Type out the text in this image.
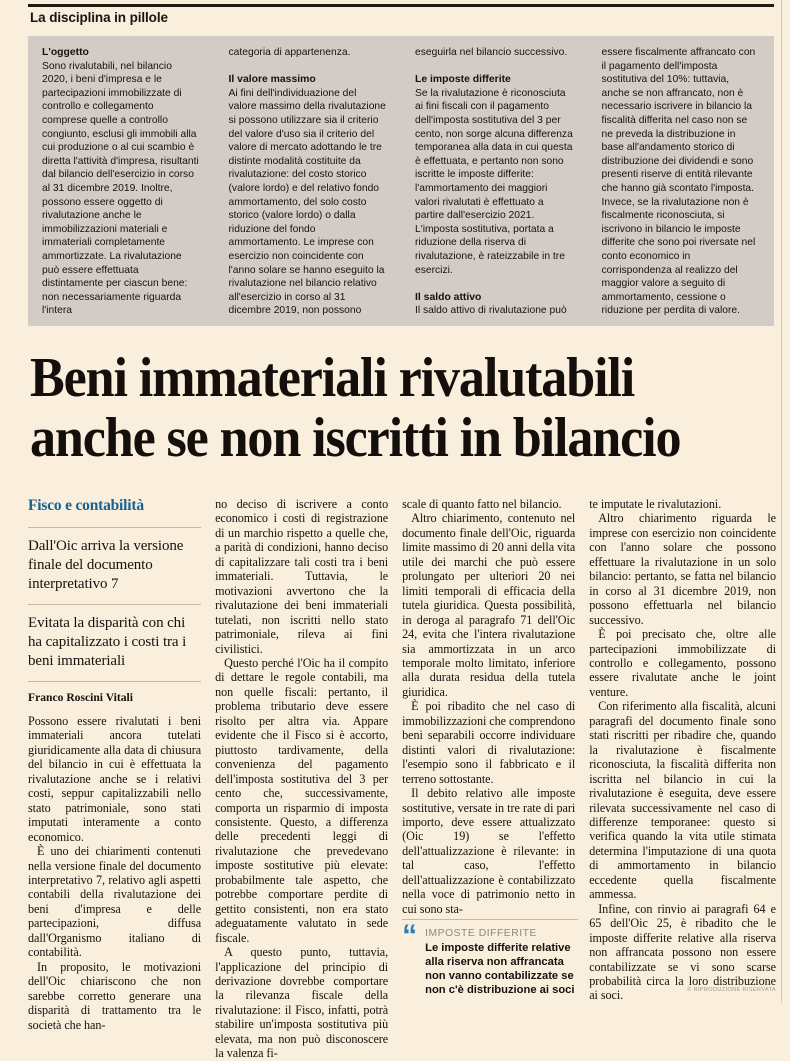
La disciplina in pillole
L'oggetto

Sono rivalutabili, nel bilancio 2020, i beni d'impresa e le partecipazioni immobilizzate di controllo e collegamento comprese quelle a controllo congiunto, esclusi gli immobili alla cui produzione o al cui scambio è diretta l'attività d'impresa, risultanti dal bilancio dell'esercizio in corso al 31 dicembre 2019. Inoltre, possono essere oggetto di rivalutazione anche le immobilizzazioni materiali e immateriali completamente ammortizzate. La rivalutazione può essere effettuata distintamente per ciascun bene: non necessariamente riguarda l'intera

categoria di appartenenza.

Il valore massimo

Ai fini dell'individuazione del valore massimo della rivalutazione si possono utilizzare sia il criterio del valore d'uso sia il criterio del valore di mercato adottando le tre distinte modalità costituite da rivalutazione: del costo storico (valore lordo) e del relativo fondo ammortamento, del solo costo storico (valore lordo) o dalla riduzione del fondo ammortamento. Le imprese con esercizio non coincidente con l'anno solare se hanno eseguito la rivalutazione nel bilancio relativo all'esercizio in corso al 31 dicembre 2019, non possono

eseguirla nel bilancio successivo.

Le imposte differite

Se la rivalutazione è riconosciuta ai fini fiscali con il pagamento dell'imposta sostitutiva del 3 per cento, non sorge alcuna differenza temporanea alla data in cui questa è effettuata, e pertanto non sono iscritte le imposte differite: l'ammortamento dei maggiori valori rivalutati è effettuato a partire dall'esercizio 2021. L'imposta sostitutiva, portata a riduzione della riserva di rivalutazione, è rateizzabile in tre esercizi.

Il saldo attivo

Il saldo attivo di rivalutazione può

essere fiscalmente affrancato con il pagamento dell'imposta sostitutiva del 10%: tuttavia, anche se non affrancato, non è necessario iscrivere in bilancio la fiscalità differita nel caso non se ne preveda la distribuzione in base all'andamento storico di distribuzione dei dividendi e sono presenti riserve di entità rilevante che hanno già scontato l'imposta. Invece, se la rivalutazione non è fiscalmente riconosciuta, si iscrivono in bilancio le imposte differite che sono poi riversate nel conto economico in corrispondenza al realizzo del maggior valore a seguito di ammortamento, cessione o riduzione per perdita di valore.

Beni immateriali rivalutabili
anche se non iscritti in bilancio
Fisco e contabilità
Dall'Oic arriva la versione finale del documento interpretativo 7
Evitata la disparità con chi ha capitalizzato i costi tra i beni immateriali
Franco Roscini Vitali

Possono essere rivalutati i beni immateriali ancora tutelati giuridicamente alla data di chiusura del bilancio in cui è effettuata la rivalutazione anche se i relativi costi, seppur capitalizzabili nello stato patrimoniale, sono stati imputati interamente a conto economico.

È uno dei chiarimenti contenuti nella versione finale del documento interpretativo 7, relativo agli aspetti contabili della rivalutazione dei beni d'impresa e delle partecipazioni, diffusa dall'Organismo italiano di contabilità.

In proposito, le motivazioni dell'Oic chiariscono che non sarebbe corretto generare una disparità di trattamento tra le società che han-

no deciso di iscrivere a conto economico i costi di registrazione di un marchio rispetto a quelle che, a parità di condizioni, hanno deciso di capitalizzare tali costi tra i beni immateriali. Tuttavia, le motivazioni avvertono che la rivalutazione dei beni immateriali tutelati, non iscritti nello stato patrimoniale, rileva ai fini civilistici.

Questo perché l'Oic ha il compito di dettare le regole contabili, ma non quelle fiscali: pertanto, il problema tributario deve essere risolto per altra via. Appare evidente che il Fisco si è accorto, piuttosto tardivamente, della convenienza del pagamento dell'imposta sostitutiva del 3 per cento che, successivamente, comporta un risparmio di imposta consistente. Questo, a differenza delle precedenti leggi di rivalutazione che prevedevano imposte sostitutive più elevate: probabilmente tale aspetto, che potrebbe comportare perdite di gettito consistenti, non era stato adeguatamente valutato in sede fiscale.

A questo punto, tuttavia, l'applicazione del principio di derivazione dovrebbe comportare la rilevanza fiscale della rivalutazione: il Fisco, infatti, potrà stabilire un'imposta sostitutiva più elevata, ma non può disconoscere la valenza fi-

scale di quanto fatto nel bilancio.

Altro chiarimento, contenuto nel documento finale dell'Oic, riguarda limite massimo di 20 anni della vita utile dei marchi che può essere prolungato per ulteriori 20 nei limiti temporali di efficacia della tutela giuridica. Questa possibilità, in deroga al paragrafo 71 dell'Oic 24, evita che l'intera rivalutazione sia ammortizzata in un arco temporale molto limitato, inferiore alla durata residua della tutela giuridica.

È poi ribadito che nel caso di immobilizzazioni che comprendono beni separabili occorre individuare distinti valori di rivalutazione: l'esempio sono il fabbricato e il terreno sottostante.

Il debito relativo alle imposte sostitutive, versate in tre rate di pari importo, deve essere attualizzato (Oic 19) se l'effetto dell'attualizzazione è rilevante: in tal caso, l'effetto dell'attualizzazione è contabilizzato nella voce di patrimonio netto in cui sono sta-

“ IMPOSTE DIFFERITE

Le imposte differite relative alla riserva non affrancata non vanno contabilizzate se non c'è distribuzione ai soci

te imputate le rivalutazioni.

Altro chiarimento riguarda le imprese con esercizio non coincidente con l'anno solare che possono effettuare la rivalutazione in un solo bilancio: pertanto, se fatta nel bilancio in corso al 31 dicembre 2019, non possono effettuarla nel bilancio successivo.

È poi precisato che, oltre alle partecipazioni immobilizzate di controllo e collegamento, possono essere rivalutate anche le joint venture.

Con riferimento alla fiscalità, alcuni paragrafi del documento finale sono stati riscritti per ribadire che, quando la rivalutazione è fiscalmente riconosciuta, la fiscalità differita non iscritta nel bilancio in cui la rivalutazione è eseguita, deve essere rilevata successivamente nel caso di differenze temporanee: questo si verifica quando la vita utile stimata determina l'imputazione di una quota di ammortamento in bilancio eccedente quella fiscalmente ammessa.

Infine, con rinvio ai paragrafi 64 e 65 dell'Oic 25, è ribadito che le imposte differite relative alla riserva non affrancata possono non essere contabilizzate se vi sono scarse probabilità circa la loro distribuzione ai soci.	© RIPRODUZIONE RISERVATA
